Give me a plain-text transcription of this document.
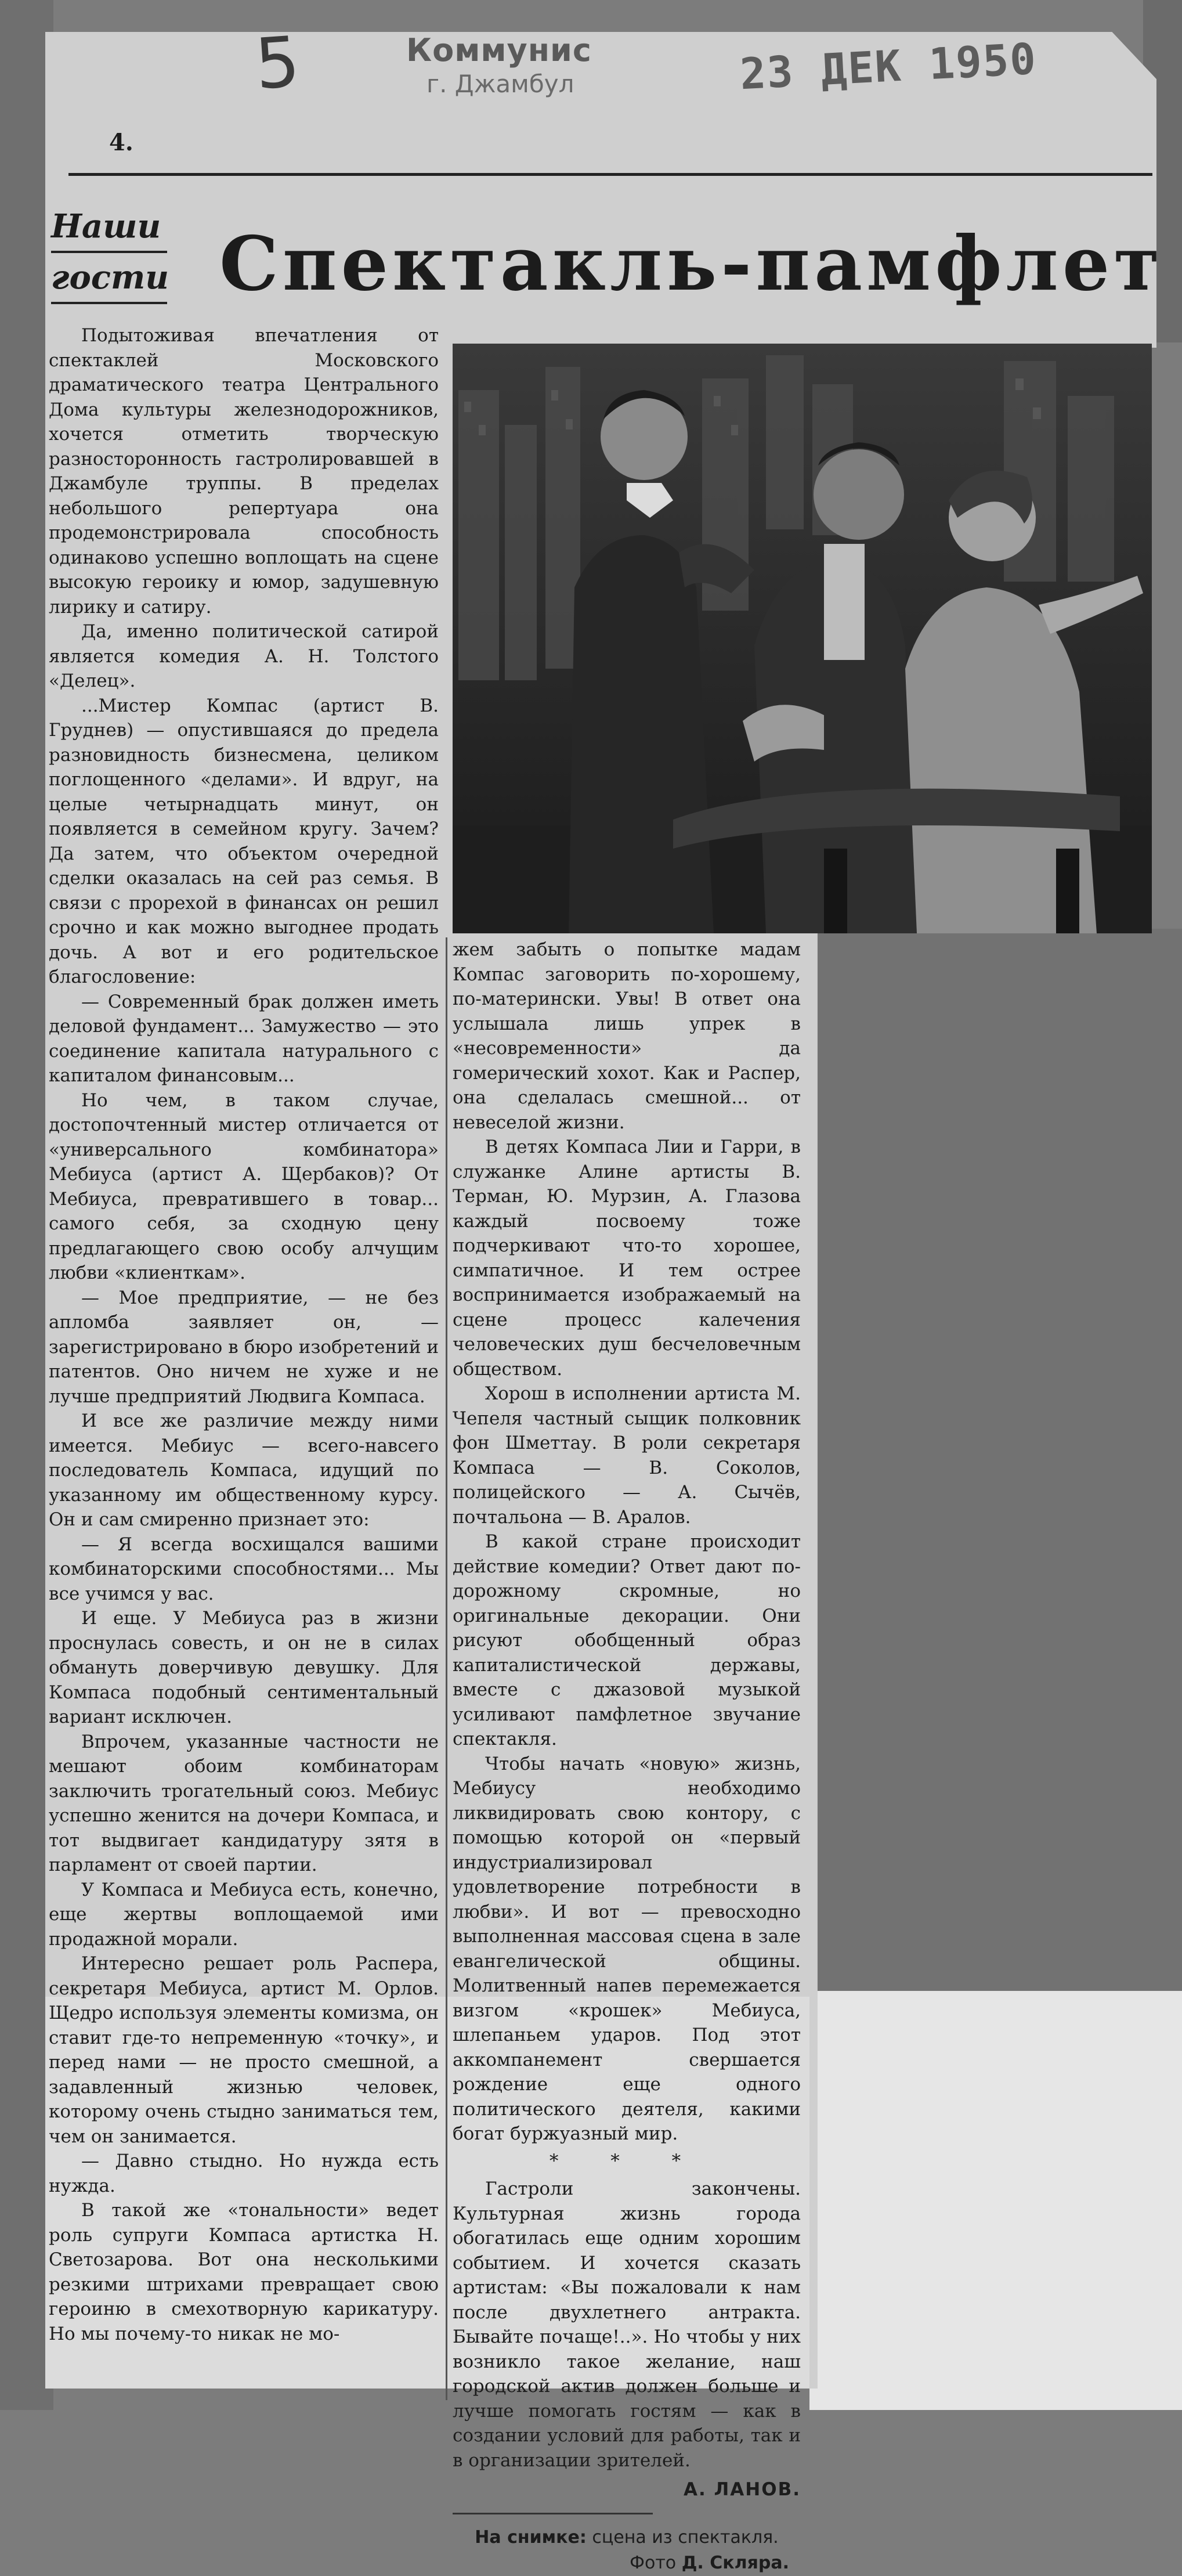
5	Коммунис
г. Джамбул	23 ДЕК 1950
4.
Наши
гости Спектакль-памфлет

Подытоживая впечатления от спектаклей Московского драматического театра Центрального Дома культуры железнодорожников, хочется отметить творческую разносторонность гастролировавшей в Джамбуле труппы. В пределах небольшого репертуара она продемонстрировала способность одинаково успешно воплощать на сцене высокую героику и юмор, задушевную лирику и сатиру.

Да, именно политической сатирой является комедия А. Н. Толстого «Делец».

...Мистер Компас (артист В. Груднев) — опустившаяся до предела разновидность бизнесмена, целиком поглощенного «делами». И вдруг, на целые четырнадцать минут, он появляется в семейном кругу. Зачем? Да затем, что объектом очередной сделки оказалась на сей раз семья. В связи с прорехой в финансах он решил срочно и как можно выгоднее продать дочь. А вот и его родительское благословение:

— Современный брак должен иметь деловой фундамент... Замужество — это соединение капитала натурального с капиталом финансовым...

Но чем, в таком случае, достопочтенный мистер отличается от «универсального комбинатора» Мебиуса (артист А. Щербаков)? От Мебиуса, превратившего в товар... самого себя, за сходную цену предлагающего свою особу алчущим любви «клиенткам».

— Мое предприятие, — не без апломба заявляет он, — зарегистрировано в бюро изобретений и патентов. Оно ничем не хуже и не лучше предприятий Людвига Компаса.

И все же различие между ними имеется. Мебиус — всего-навсего последователь Компаса, идущий по указанному им общественному курсу. Он и сам смиренно признает это:

— Я всегда восхищался вашими комбинаторскими способностями... Мы все учимся у вас.

И еще. У Мебиуса раз в жизни проснулась совесть, и он не в силах обмануть доверчивую девушку. Для Компаса подобный сентиментальный вариант исключен.

Впрочем, указанные частности не мешают обоим комбинаторам заключить трогательный союз. Мебиус успешно женится на дочери Компаса, и тот выдвигает кандидатуру зятя в парламент от своей партии.

У Компаса и Мебиуса есть, конечно, еще жертвы воплощаемой ими продажной морали.

Интересно решает роль Распера, секретаря Мебиуса, артист М. Орлов. Щедро используя элементы комизма, он ставит где-то непременную «точку», и перед нами — не просто смешной, а задавленный жизнью человек, которому очень стыдно заниматься тем, чем он занимается.

— Давно стыдно. Но нужда есть нужда.

В такой же «тональности» ведет роль супруги Компаса артистка Н. Светозарова. Вот она несколькими резкими штрихами превращает свою героиню в смехотворную карикатуру. Но мы почему-то никак не мо-

жем забыть о попытке мадам Компас заговорить по-хорошему, по-матерински. Увы! В ответ она услышала лишь упрек в «несовременности» да гомерический хохот. Как и Распер, она сделалась смешной... от невеселой жизни.

В детях Компаса Лии и Гарри, в служанке Алине артисты В. Терман, Ю. Мурзин, А. Глазова каждый посвоему тоже подчеркивают что-то хорошее, симпатичное. И тем острее воспринимается изображаемый на сцене процесс калечения человеческих душ бесчеловечным обществом.

Хорош в исполнении артиста М. Чепеля частный сыщик полковник фон Шметтау. В роли секретаря Компаса — В. Соколов, полицейского — А. Сычёв, почтальона — В. Аралов.

В какой стране происходит действие комедии? Ответ дают по-дорожному скромные, но оригинальные декорации. Они рисуют обобщенный образ капиталистической державы, вместе с джазовой музыкой усиливают памфлетное звучание спектакля.

Чтобы начать «новую» жизнь, Мебиусу необходимо ликвидировать свою контору, с помощью которой он «первый индустриализировал удовлетворение потребности в любви». И вот — превосходно выполненная массовая сцена в зале евангелической общины. Молитвенный напев перемежается визгом «крошек» Мебиуса, шлепаньем ударов. Под этот аккомпанемент свершается рождение еще одного политического деятеля, какими богат буржуазный мир.

* * *

Гастроли закончены. Культурная жизнь города обогатилась еще одним хорошим событием. И хочется сказать артистам: «Вы пожаловали к нам после двухлетнего антракта. Бывайте почаще!..». Но чтобы у них возникло такое желание, наш городской актив должен больше и лучше помогать гостям — как в создании условий для работы, так и в организации зрителей.

А. ЛАНОВ.

На снимке: сцена из спектакля.
Фото Д. Скляра.
